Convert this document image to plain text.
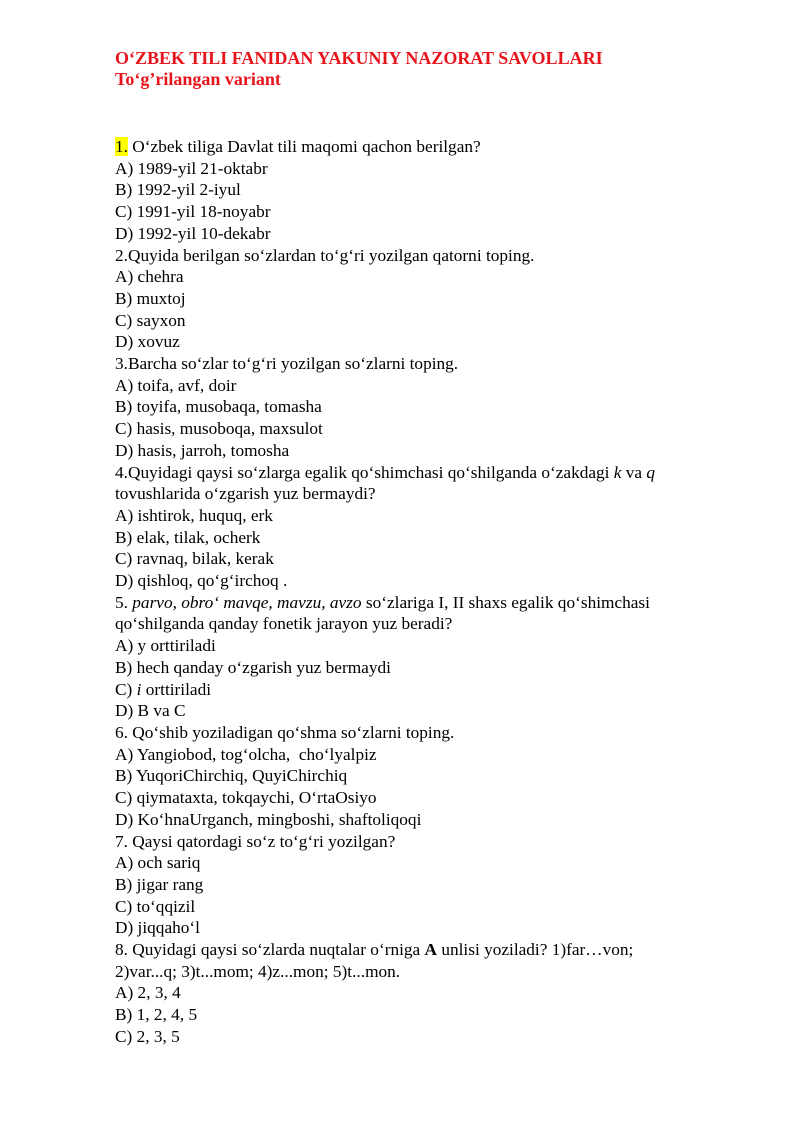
O‘ZBEK TILI FANIDAN YAKUNIY NAZORAT SAVOLLARI
To‘g’rilangan variant
1. O‘zbek tiliga Davlat tili maqomi qachon berilgan?
A) 1989-yil 21-oktabr
B) 1992-yil 2-iyul
C) 1991-yil 18-noyabr
D) 1992-yil 10-dekabr
2.Quyida berilgan so‘zlardan to‘g‘ri yozilgan qatorni toping.
A) chehra
B) muxtoj
C) sayxon
D) xovuz
3.Barcha so‘zlar to‘g‘ri yozilgan so‘zlarni toping.
A) toifa, avf, doir
B) toyifa, musobaqa, tomasha
C) hasis, musoboqa, maxsulot
D) hasis, jarroh, tomosha
4.Quyidagi qaysi so‘zlarga egalik qo‘shimchasi qo‘shilganda o‘zakdagi k va q
tovushlarida o‘zgarish yuz bermaydi?
A) ishtirok, huquq, erk
B) elak, tilak, ocherk
C) ravnaq, bilak, kerak
D) qishloq, qo‘g‘irchoq .
5. parvo, obro‘ mavqe, mavzu, avzo so‘zlariga I, II shaxs egalik qo‘shimchasi
qo‘shilganda qanday fonetik jarayon yuz beradi?
A) y orttiriladi
B) hech qanday o‘zgarish yuz bermaydi
C) i orttiriladi
D) B va C
6. Qo‘shib yoziladigan qo‘shma so‘zlarni toping.
A) Yangiobod, tog‘olcha,  cho‘lyalpiz
B) YuqoriChirchiq, QuyiChirchiq
C) qiymataxta, tokqaychi, O‘rtaOsiyo
D) Ko‘hnaUrganch, mingboshi, shaftoliqoqi
7. Qaysi qatordagi so‘z to‘g‘ri yozilgan?
A) och sariq
B) jigar rang
C) to‘qqizil
D) jiqqaho‘l
8. Quyidagi qaysi so‘zlarda nuqtalar o‘rniga A unlisi yoziladi? 1)far…von;
2)var...q; 3)t...mom; 4)z...mon; 5)t...mon.
A) 2, 3, 4
B) 1, 2, 4, 5
C) 2, 3, 5
